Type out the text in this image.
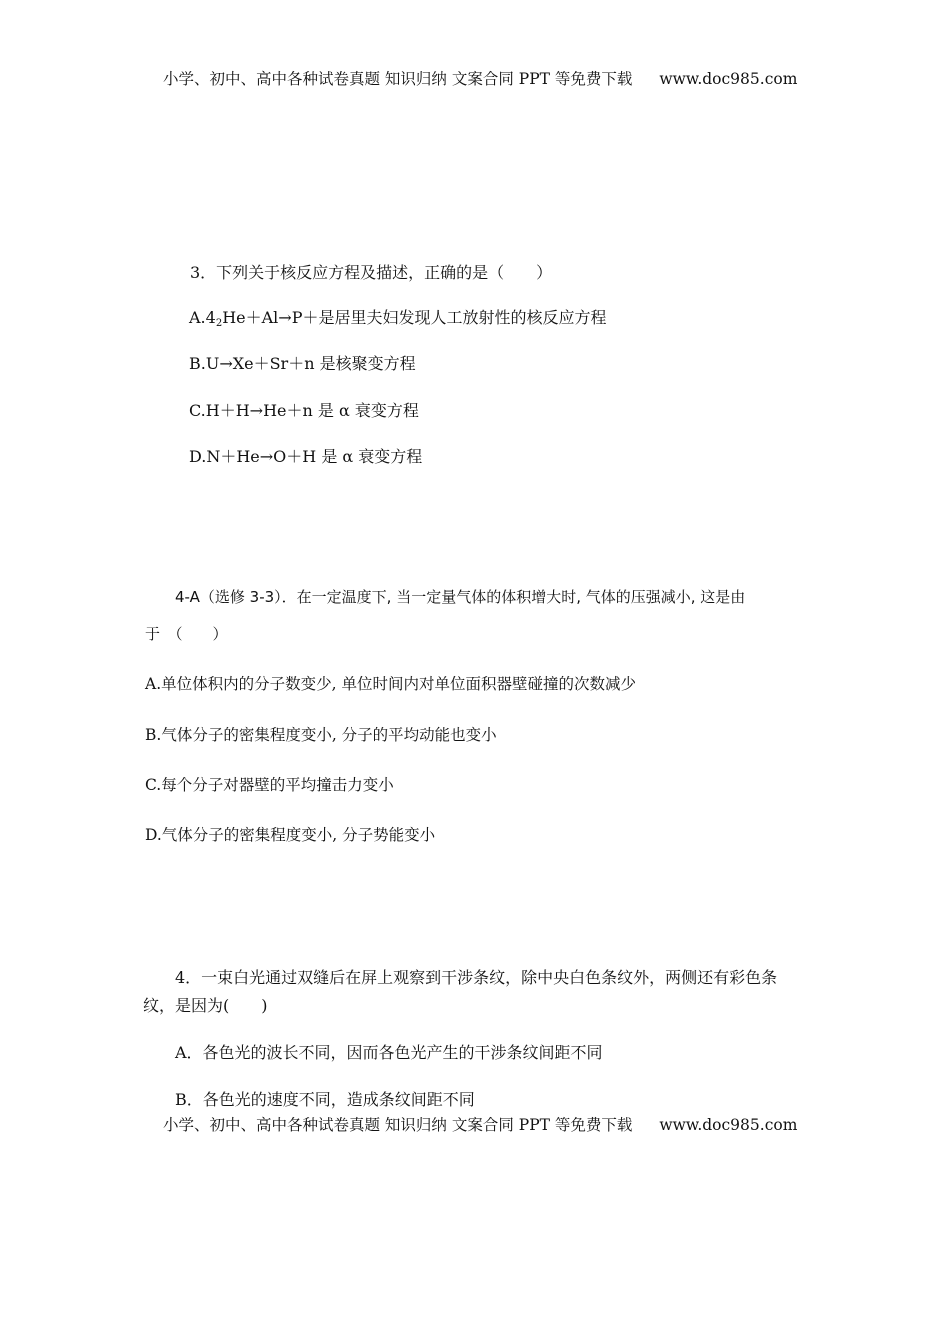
小学、初中、高中各种试卷真题 知识归纳 文案合同 PPT 等免费下载 www.doc985.com
3．下列关于核反应方程及描述，正确的是（　　）
$A.4_2He+Al\to P+$是居里夫妇发现人工放射性的核反应方程
B.U→Xe＋Sr＋n 是核聚变方程
C.H＋H→He＋n 是 α 衰变方程
D.N＋He→O＋H 是 α 衰变方程
4-A（选修 3-3）．在一定温度下, 当一定量气体的体积增大时, 气体的压强减小, 这是由
于　（　　）
A.单位体积内的分子数变少, 单位时间内对单位面积器壁碰撞的次数减少
B.气体分子的密集程度变小, 分子的平均动能也变小
C.每个分子对器壁的平均撞击力变小
D.气体分子的密集程度变小, 分子势能变小
4．一束白光通过双缝后在屏上观察到干涉条纹，除中央白色条纹外，两侧还有彩色条
纹，是因为(　　)
A．各色光的波长不同，因而各色光产生的干涉条纹间距不同
B．各色光的速度不同，造成条纹间距不同
小学、初中、高中各种试卷真题 知识归纳 文案合同 PPT 等免费下载 www.doc985.com
